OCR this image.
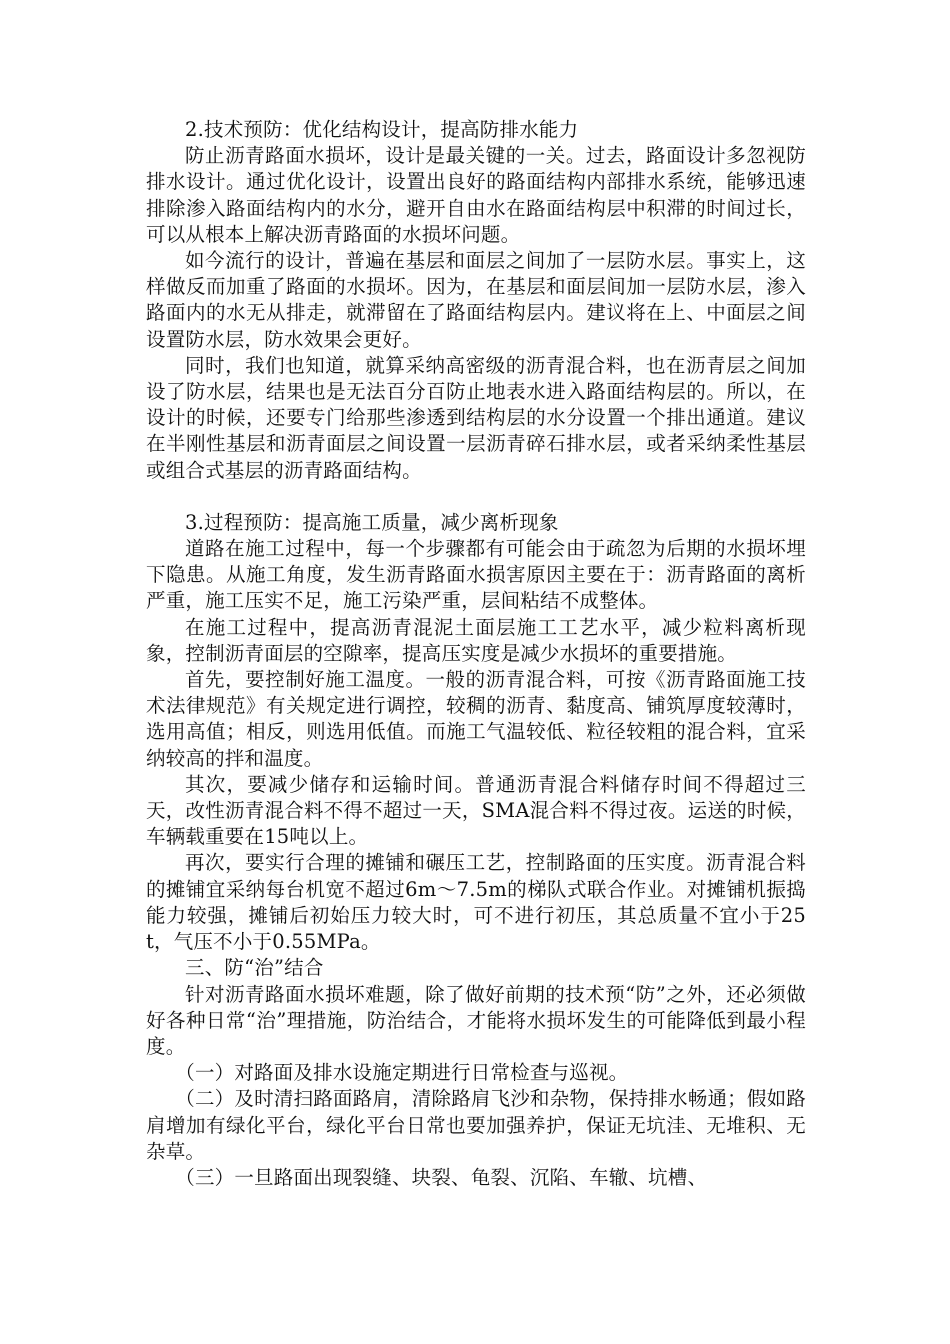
2.技术预防：优化结构设计，提高防排水能力

防止沥青路面水损坏，设计是最关键的一关。过去，路面设计多忽视防排水设计。通过优化设计，设置出良好的路面结构内部排水系统，能够迅速排除渗入路面结构内的水分，避开自由水在路面结构层中积滞的时间过长，可以从根本上解决沥青路面的水损坏问题。

如今流行的设计，普遍在基层和面层之间加了一层防水层。事实上，这样做反而加重了路面的水损坏。因为，在基层和面层间加一层防水层，渗入路面内的水无从排走，就滞留在了路面结构层内。建议将在上、中面层之间设置防水层，防水效果会更好。

同时，我们也知道，就算采纳高密级的沥青混合料，也在沥青层之间加设了防水层，结果也是无法百分百防止地表水进入路面结构层的。所以，在设计的时候，还要专门给那些渗透到结构层的水分设置一个排出通道。建议在半刚性基层和沥青面层之间设置一层沥青碎石排水层，或者采纳柔性基层或组合式基层的沥青路面结构。

3.过程预防：提高施工质量，减少离析现象

道路在施工过程中，每一个步骤都有可能会由于疏忽为后期的水损坏埋下隐患。从施工角度，发生沥青路面水损害原因主要在于：沥青路面的离析严重，施工压实不足，施工污染严重，层间粘结不成整体。

在施工过程中，提高沥青混泥土面层施工工艺水平，减少粒料离析现象，控制沥青面层的空隙率，提高压实度是减少水损坏的重要措施。

首先，要控制好施工温度。一般的沥青混合料，可按《沥青路面施工技术法律规范》有关规定进行调控，较稠的沥青、黏度高、铺筑厚度较薄时，选用高值；相反，则选用低值。而施工气温较低、粒径较粗的混合料，宜采纳较高的拌和温度。

其次，要减少储存和运输时间。普通沥青混合料储存时间不得超过三天，改性沥青混合料不得不超过一天，SMA混合料不得过夜。运送的时候，车辆载重要在15吨以上。

再次，要实行合理的摊铺和碾压工艺，控制路面的压实度。沥青混合料的摊铺宜采纳每台机宽不超过6m～7.5m的梯队式联合作业。对摊铺机振捣能力较强，摊铺后初始压力较大时，可不进行初压，其总质量不宜小于25t，气压不小于0.55MPa。

三、防“治”结合

针对沥青路面水损坏难题，除了做好前期的技术预“防”之外，还必须做好各种日常“治”理措施，防治结合，才能将水损坏发生的可能降低到最小程度。

（一）对路面及排水设施定期进行日常检查与巡视。

（二）及时清扫路面路肩，清除路肩飞沙和杂物，保持排水畅通；假如路肩增加有绿化平台，绿化平台日常也要加强养护，保证无坑洼、无堆积、无杂草。

（三）一旦路面出现裂缝、块裂、龟裂、沉陷、车辙、坑槽、
